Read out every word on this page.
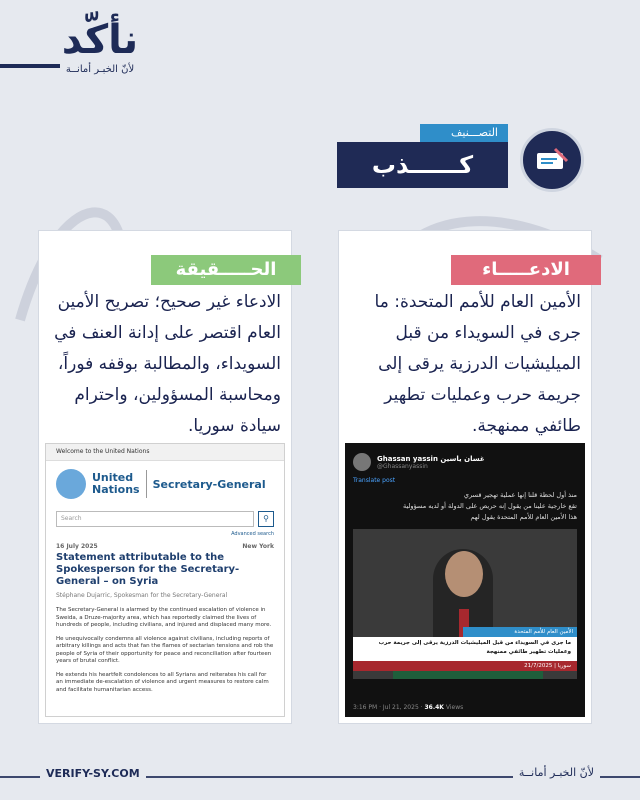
نأكّد
لأنّ الخبـر أمانــة
التصـــنيف
كــــــذب
الحـــــقيقة
الادعاء غير صحيح؛ تصريح الأمين العام اقتصر على إدانة العنف في السويداء، والمطالبة بوقفه فوراً، ومحاسبة المسؤولين، واحترام سيادة سوريا.
Welcome to the United Nations
United
Nations Secretary-General
Search	⚲
Advanced search
16 July 2025	New York
Statement attributable to the Spokesperson for the Secretary-General – on Syria
Stéphane Dujarric, Spokesman for the Secretary-General
The Secretary-General is alarmed by the continued escalation of violence in Sweida, a Druze-majority area, which has reportedly claimed the lives of hundreds of people, including civilians, and injured and displaced many more.
He unequivocally condemns all violence against civilians, including reports of arbitrary killings and acts that fan the flames of sectarian tensions and rob the people of Syria of their opportunity for peace and reconciliation after fourteen years of brutal conflict.
He extends his heartfelt condolences to all Syrians and reiterates his call for an immediate de-escalation of violence and urgent measures to restore calm and facilitate humanitarian access.
الادعـــــاء
الأمين العام للأمم المتحدة: ما جرى في السويداء من قبل الميليشيات الدرزية يرقى إلى جريمة حرب وعمليات تطهير طائفي ممنهجة.
Ghassan yassin غسان ياسين
@Ghassanyassin
Translate post
منذ أول لحظة قلنا إنها عملية تهجير قسري
تقع خارجية علينا من يقول إنه حريص على الدولة أو لديه مسؤولية
هذا الأمين العام للأمم المتحدة يقول لهم
الأمين العام للأمم المتحدة
ما جرى في السويداء من قبل الميليشيات الدرزية يرقى إلى جريمة حرب وعمليات تطهير طائفي ممنهجة
سوريا | 21/7/2025
3:16 PM · Jul 21, 2025 · 36.4K Views
VERIFY-SY.COM	لأنّ الخبـر أمانــة
